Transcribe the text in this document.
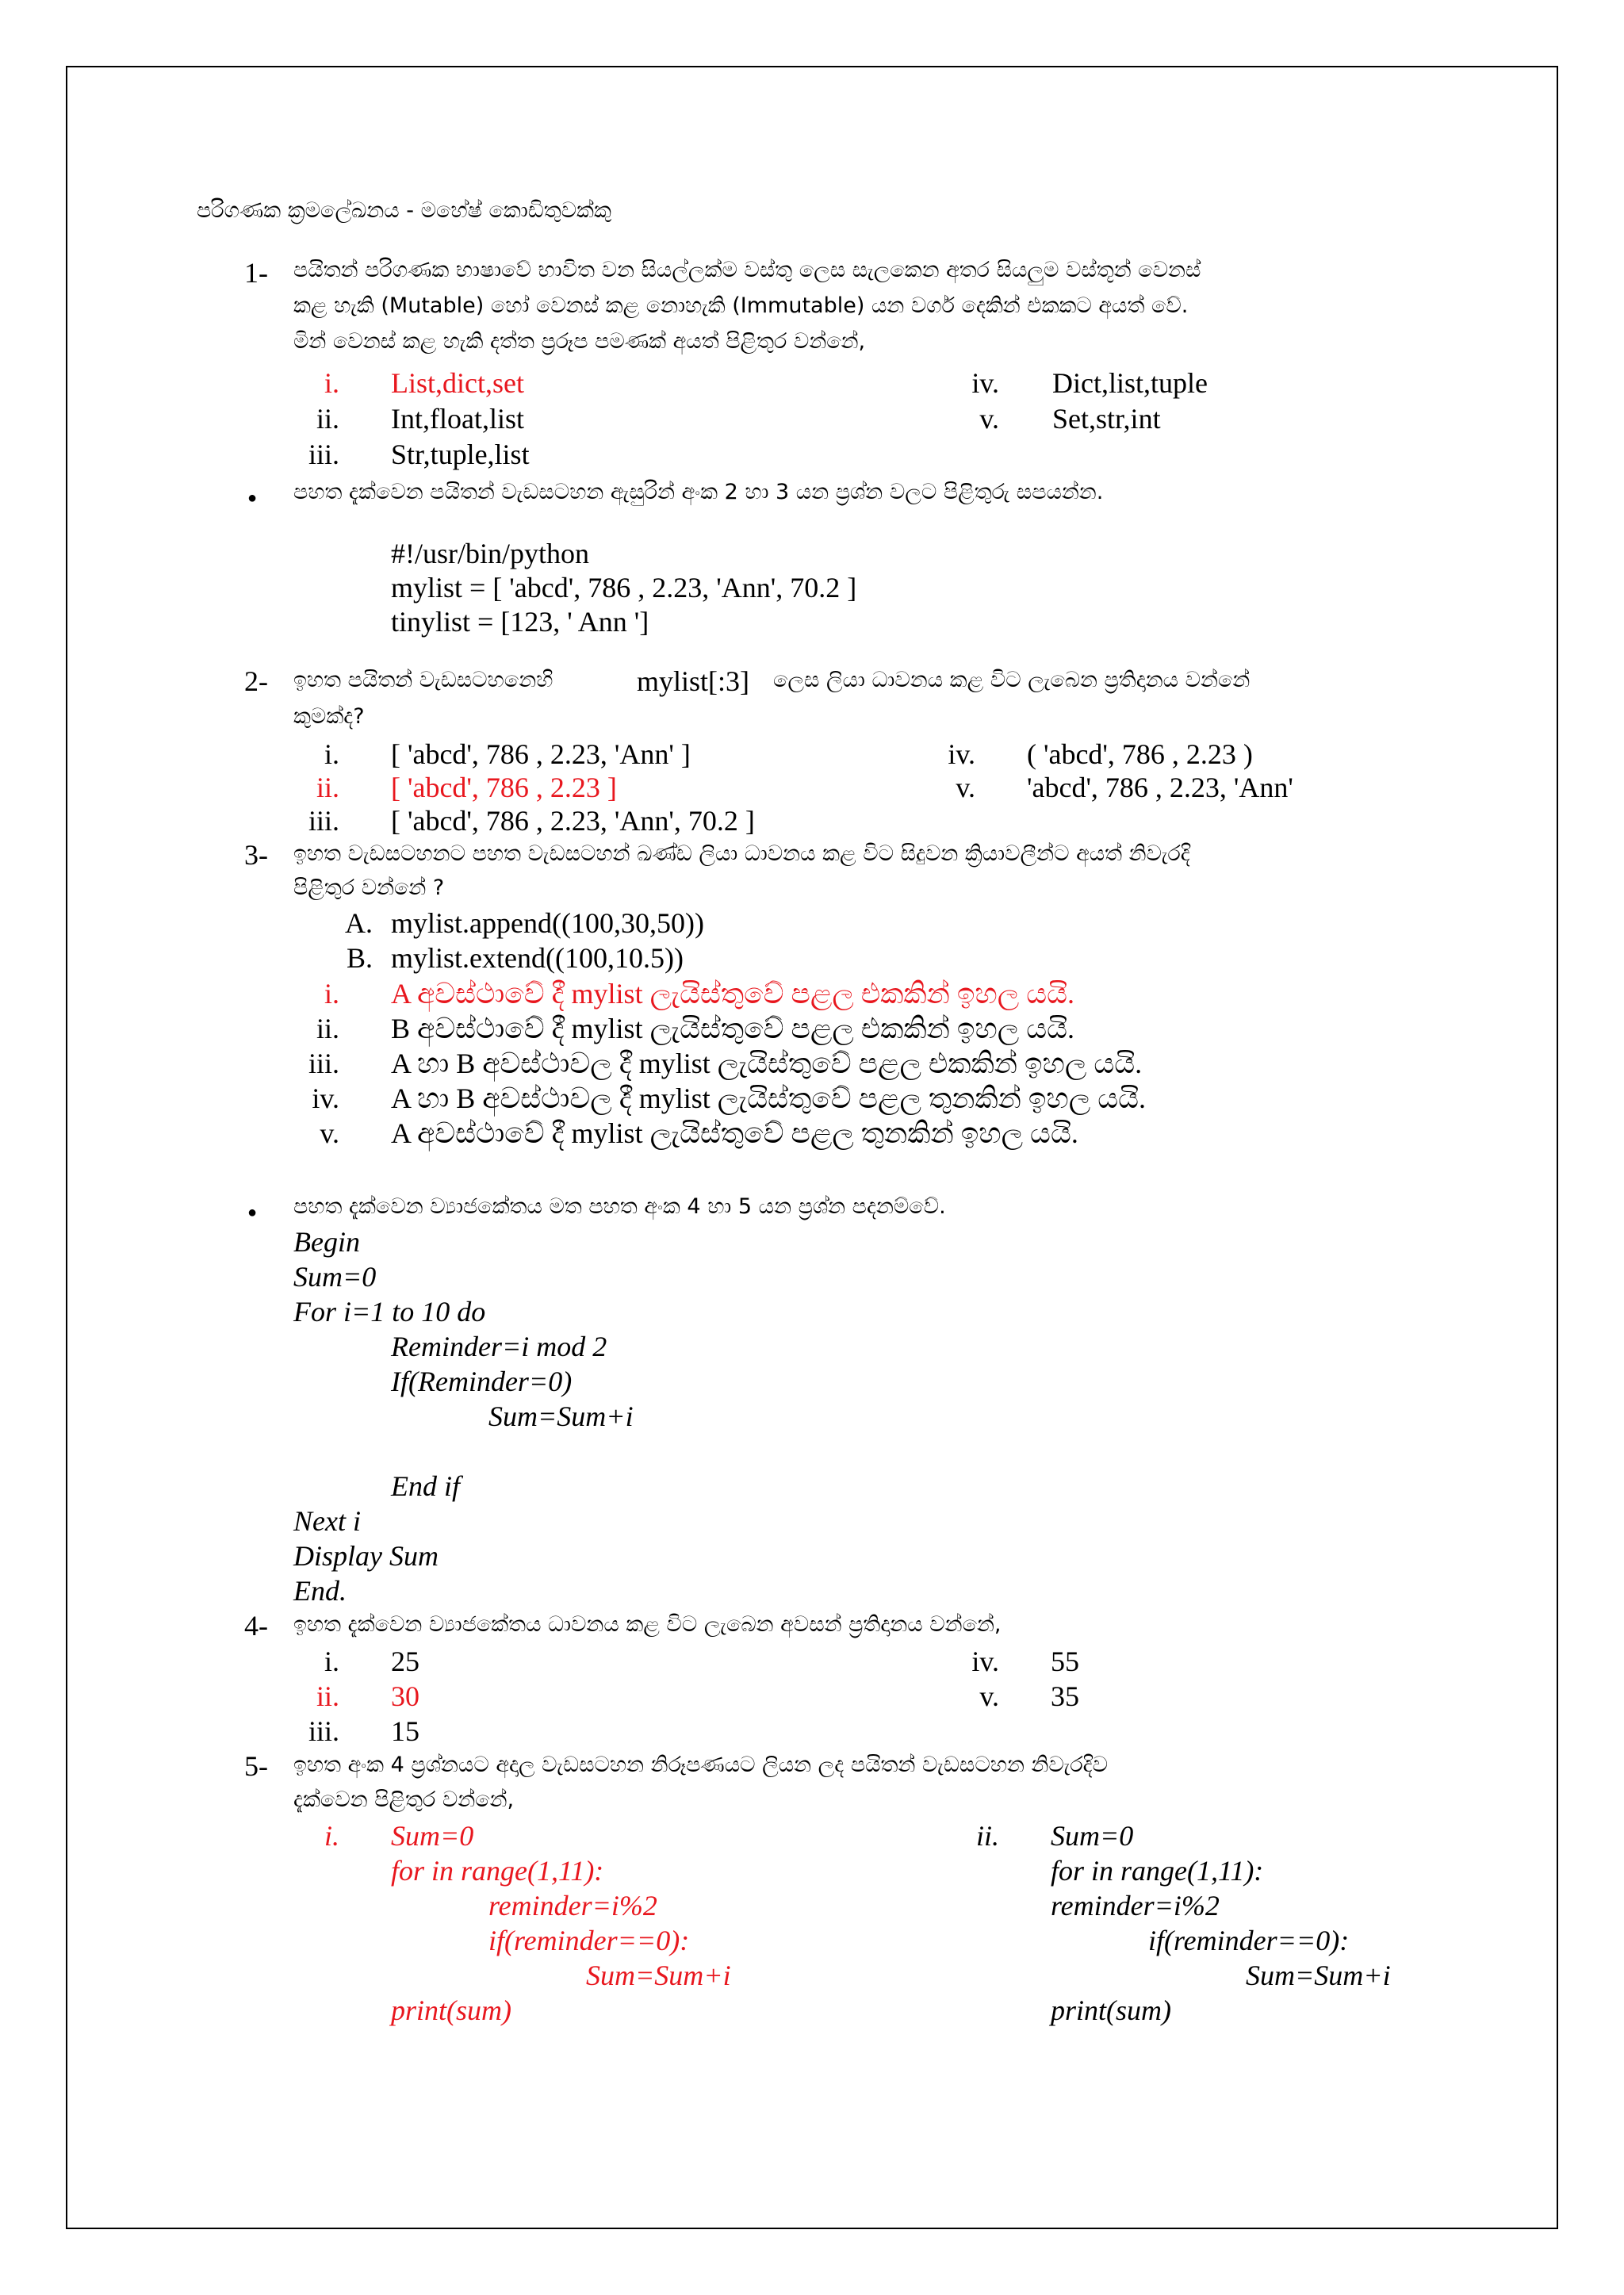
පරිගණක ක්‍රමලේඛනය - මහේෂ් කොඩිතුවක්කු
1- පයිතන් පරිගණක භාෂාවේ භාවිත වන සියල්ලක්ම වස්තු ලෙස සැලකෙන අතර සියලුම වස්තූන් වෙනස්
කළ හැකි (Mutable) හෝ වෙනස් කළ නොහැකි (Immutable) යන වර්ග දෙකින් එකකට අයත් වේ.
මින් වෙනස් කළ හැකි දත්ත ප්‍රරූප පමණක් අයත් පිළිතුර වන්නේ,
i. List,dict,set
ii. Int,float,list
iii. Str,tuple,list
iv. Dict,list,tuple
v. Set,str,int
● පහත දැක්වෙන පයිතන් වැඩසටහන ඇසුරින් අංක 2 හා 3 යන ප්‍රශ්න වලට පිළිතුරු සපයන්න.
#!/usr/bin/python
mylist = [ 'abcd', 786 , 2.23, 'Ann', 70.2 ]
tinylist = [123, ' Ann ']
2- ඉහත පයිතන් වැඩසටහනෙහි	mylist[:3] ලෙස ලියා ධාවනය කළ විට ලැබෙන ප්‍රතිදානය වන්නේ
කුමක්ද?
i. [ 'abcd', 786 , 2.23, 'Ann' ]
ii. [ 'abcd', 786 , 2.23 ]
iii. [ 'abcd', 786 , 2.23, 'Ann', 70.2 ]
iv. ( 'abcd', 786 , 2.23 )
v. 'abcd', 786 , 2.23, 'Ann'
3- ඉහත වැඩසටහනට පහත වැඩසටහන් ඛණ්ඩ ලියා ධාවනය කළ විට සිදුවන ක්‍රියාවලීන්ට අයත් නිවැරදි
පිළිතුර වන්නේ ?
A. mylist.append((100,30,50))
B. mylist.extend((100,10.5))
i. A අවස්ථාවේ දී mylist ලැයිස්තුවේ පළල එකකින් ඉහල යයි.
ii. B අවස්ථාවේ දී mylist ලැයිස්තුවේ පළල එකකින් ඉහල යයි.
iii. A හා B අවස්ථාවල දී mylist ලැයිස්තුවේ පළල එකකින් ඉහල යයි.
iv. A හා B අවස්ථාවල දී mylist ලැයිස්තුවේ පළල තුනකින් ඉහල යයි.
v. A අවස්ථාවේ දී mylist ලැයිස්තුවේ පළල තුනකින් ඉහල යයි.
● පහත දැක්වෙන ව්‍යාජකේතය මත පහත අංක 4 හා 5 යන ප්‍රශ්න පදනම්වේ.
Begin
Sum=0
For i=1 to 10 do
Reminder=i mod 2
If(Reminder=0)
Sum=Sum+i
End if
Next i
Display Sum
End.
4- ඉහත දැක්වෙන ව්‍යාජකේතය ධාවනය කළ විට ලැබෙන අවසන් ප්‍රතිදානය වන්නේ,
i. 25
ii. 30
iii. 15
iv. 55
v. 35
5- ඉහත අංක 4 ප්‍රශ්නයට අදාල වැඩසටහන නිරූපණයට ලියන ලද පයිතන් වැඩසටහන නිවැරදිව
දැක්වෙන පිළිතුර වන්නේ,
i. Sum=0
for in range(1,11):
reminder=i%2
if(reminder==0):
Sum=Sum+i
print(sum)
ii. Sum=0
for in range(1,11):
reminder=i%2
if(reminder==0):
Sum=Sum+i
print(sum)
